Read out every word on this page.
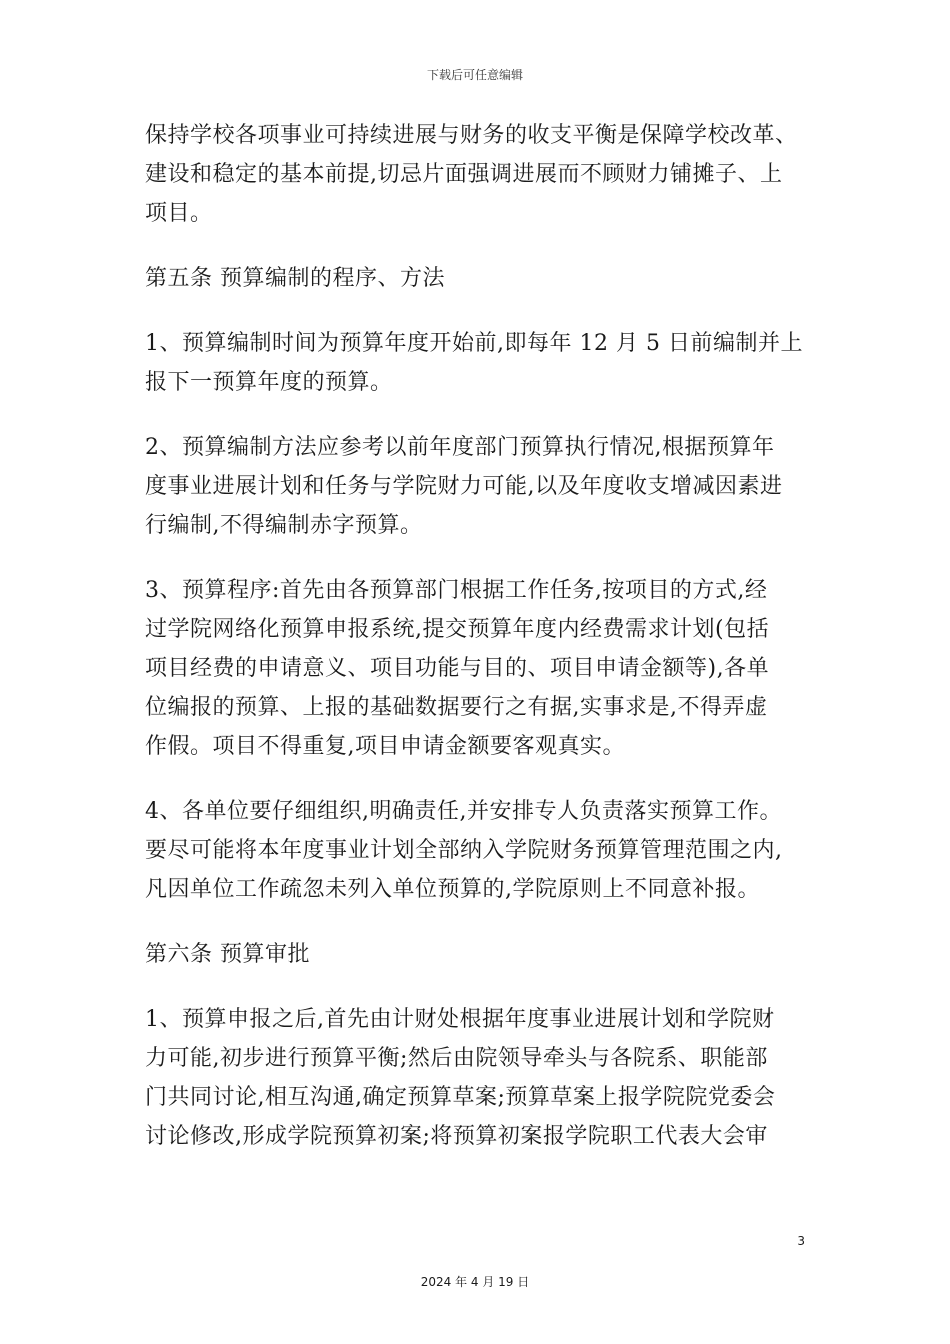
下载后可任意编辑
保持学校各项事业可持续进展与财务的收支平衡是保障学校改革、
建设和稳定的基本前提,切忌片面强调进展而不顾财力铺摊子、上
项目。
第五条 预算编制的程序、方法
1、预算编制时间为预算年度开始前,即每年 12 月 5 日前编制并上
报下一预算年度的预算。
2、预算编制方法应参考以前年度部门预算执行情况,根据预算年
度事业进展计划和任务与学院财力可能,以及年度收支增减因素进
行编制,不得编制赤字预算。
3、预算程序:首先由各预算部门根据工作任务,按项目的方式,经
过学院网络化预算申报系统,提交预算年度内经费需求计划(包括
项目经费的申请意义、项目功能与目的、项目申请金额等),各单
位编报的预算、上报的基础数据要行之有据,实事求是,不得弄虚
作假。项目不得重复,项目申请金额要客观真实。
4、各单位要仔细组织,明确责任,并安排专人负责落实预算工作。
要尽可能将本年度事业计划全部纳入学院财务预算管理范围之内,
凡因单位工作疏忽未列入单位预算的,学院原则上不同意补报。
第六条 预算审批
1、预算申报之后,首先由计财处根据年度事业进展计划和学院财
力可能,初步进行预算平衡;然后由院领导牵头与各院系、职能部
门共同讨论,相互沟通,确定预算草案;预算草案上报学院院党委会
讨论修改,形成学院预算初案;将预算初案报学院职工代表大会审
3
2024 年 4 月 19 日
